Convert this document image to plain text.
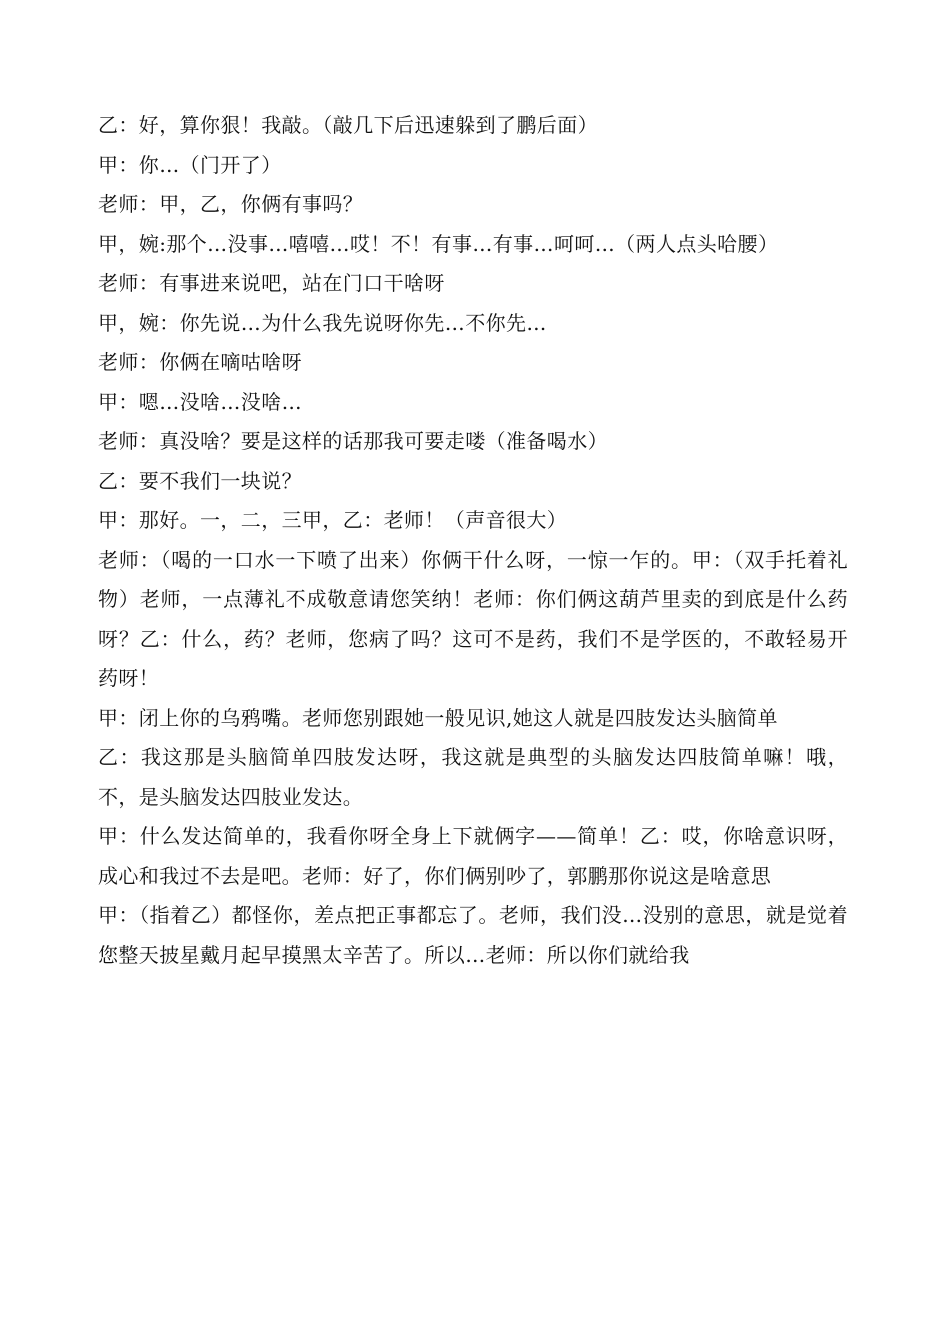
乙：好，算你狠！我敲。（敲几下后迅速躲到了鹏后面）

甲：你…（门开了）

老师：甲，乙，你俩有事吗？

甲，婉:那个…没事…嘻嘻…哎！不！有事…有事…呵呵…（两人点头哈腰）

老师：有事进来说吧，站在门口干啥呀

甲，婉：你先说…为什么我先说呀你先…不你先…

老师：你俩在嘀咕啥呀

甲：嗯…没啥…没啥…

老师：真没啥？要是这样的话那我可要走喽（准备喝水）

乙：要不我们一块说？

甲：那好。一，二，三甲，乙：老师！（声音很大）

老师：（喝的一口水一下喷了出来）你俩干什么呀，一惊一乍的。甲：（双手托着礼物）老师，一点薄礼不成敬意请您笑纳！老师：你们俩这葫芦里卖的到底是什么药呀？乙：什么，药？老师，您病了吗？这可不是药，我们不是学医的，不敢轻易开药呀！

甲：闭上你的乌鸦嘴。老师您别跟她一般见识,她这人就是四肢发达头脑简单

乙：我这那是头脑简单四肢发达呀，我这就是典型的头脑发达四肢简单嘛！哦，不，是头脑发达四肢业发达。

甲：什么发达简单的，我看你呀全身上下就俩字——简单！乙：哎，你啥意识呀，成心和我过不去是吧。老师：好了，你们俩别吵了，郭鹏那你说这是啥意思

甲：（指着乙）都怪你，差点把正事都忘了。老师，我们没…没别的意思，就是觉着您整天披星戴月起早摸黑太辛苦了。所以…老师：所以你们就给我
